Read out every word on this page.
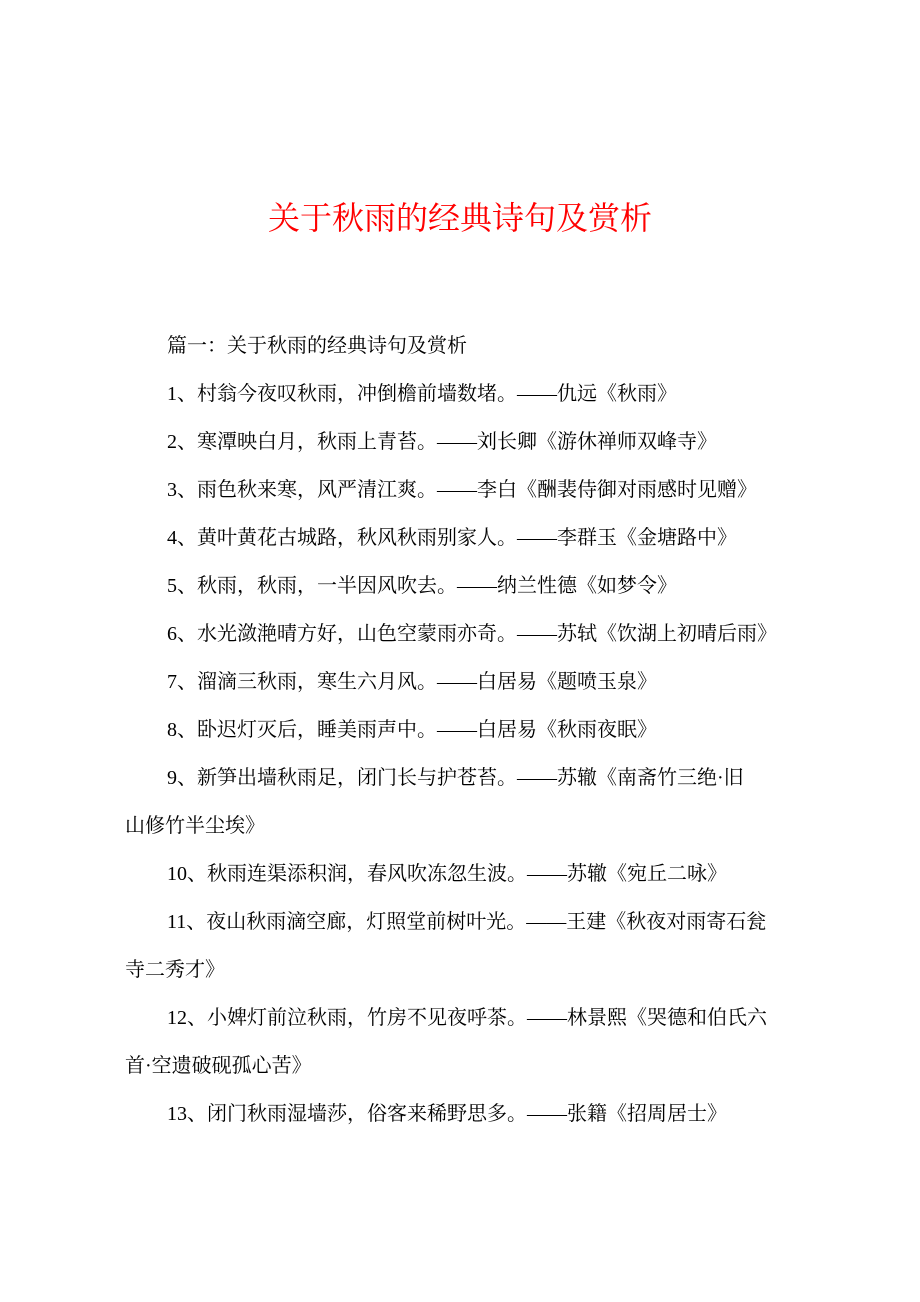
关于秋雨的经典诗句及赏析
篇一：关于秋雨的经典诗句及赏析
1、村翁今夜叹秋雨，冲倒檐前墙数堵。——仇远《秋雨》
2、寒潭映白月，秋雨上青苔。——刘长卿《游休禅师双峰寺》
3、雨色秋来寒，风严清江爽。——李白《酬裴侍御对雨感时见赠》
4、黄叶黄花古城路，秋风秋雨别家人。——李群玉《金塘路中》
5、秋雨，秋雨，一半因风吹去。——纳兰性德《如梦令》
6、水光潋滟晴方好，山色空蒙雨亦奇。——苏轼《饮湖上初晴后雨》
7、溜滴三秋雨，寒生六月风。——白居易《题喷玉泉》
8、卧迟灯灭后，睡美雨声中。——白居易《秋雨夜眠》
9、新笋出墙秋雨足，闭门长与护苍苔。——苏辙《南斋竹三绝·旧
山修竹半尘埃》
10、秋雨连渠添积润，春风吹冻忽生波。——苏辙《宛丘二咏》
11、夜山秋雨滴空廊，灯照堂前树叶光。——王建《秋夜对雨寄石瓮
寺二秀才》
12、小婢灯前泣秋雨，竹房不见夜呼茶。——林景熙《哭德和伯氏六
首·空遗破砚孤心苦》
13、闭门秋雨湿墙莎，俗客来稀野思多。——张籍《招周居士》
